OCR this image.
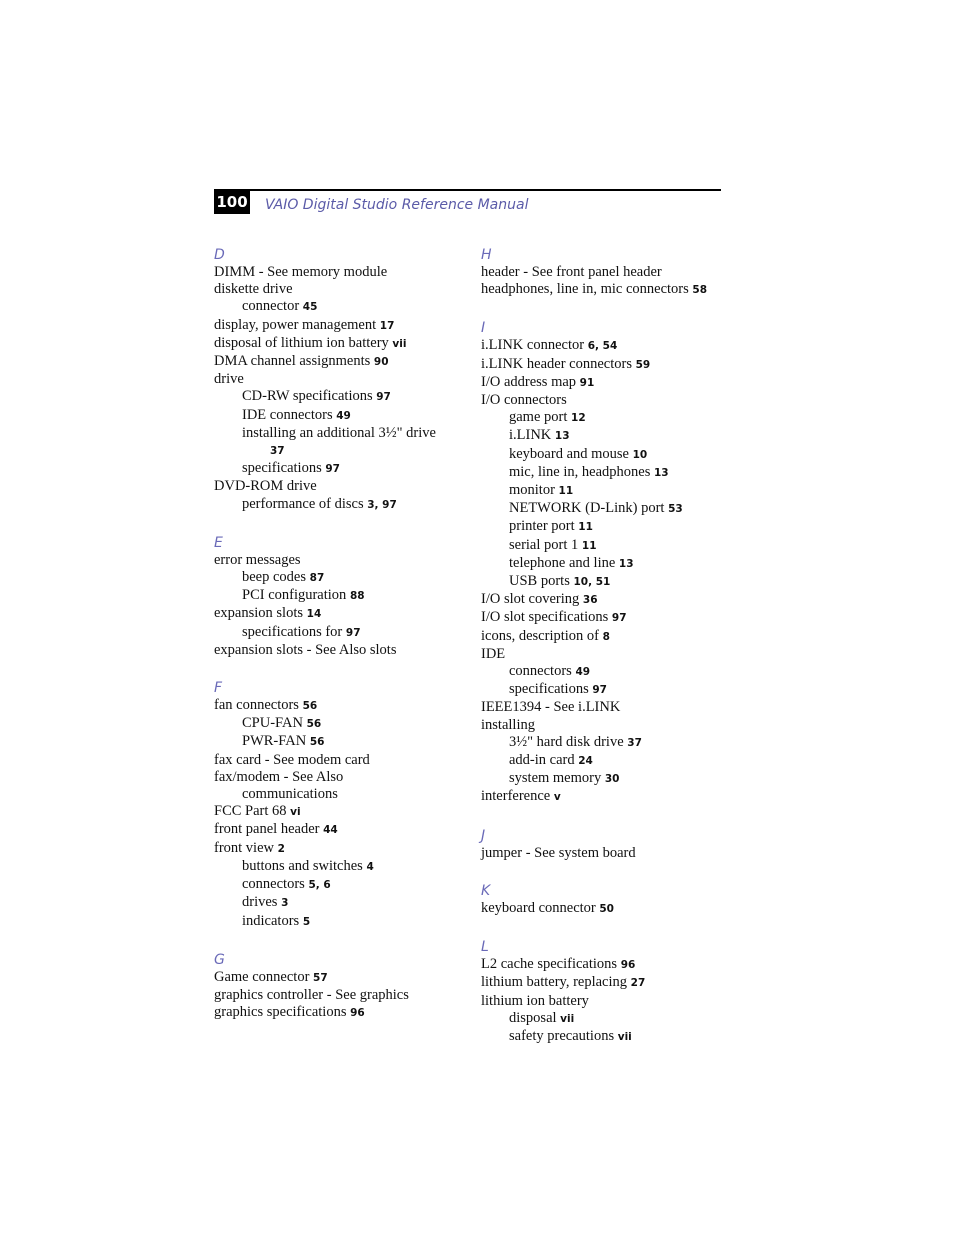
100 VAIO Digital Studio Reference Manual
D
DIMM - See memory module
diskette drive
connector 45
display, power management 17
disposal of lithium ion battery vii
DMA channel assignments 90
drive
CD-RW specifications 97
IDE connectors 49
installing an additional 3½" drive
37
specifications 97
DVD-ROM drive
performance of discs 3, 97
E
error messages
beep codes 87
PCI configuration 88
expansion slots 14
specifications for 97
expansion slots - See Also slots
F
fan connectors 56
CPU-FAN 56
PWR-FAN 56
fax card - See modem card
fax/modem - See Also
communications
FCC Part 68 vi
front panel header 44
front view 2
buttons and switches 4
connectors 5, 6
drives 3
indicators 5
G
Game connector 57
graphics controller - See graphics
graphics specifications 96
H
header - See front panel header
headphones, line in, mic connectors 58
I
i.LINK connector 6, 54
i.LINK header connectors 59
I/O address map 91
I/O connectors
game port 12
i.LINK 13
keyboard and mouse 10
mic, line in, headphones 13
monitor 11
NETWORK (D-Link) port 53
printer port 11
serial port 1 11
telephone and line 13
USB ports 10, 51
I/O slot covering 36
I/O slot specifications 97
icons, description of 8
IDE
connectors 49
specifications 97
IEEE1394 - See i.LINK
installing
3½" hard disk drive 37
add-in card 24
system memory 30
interference v
J
jumper - See system board
K
keyboard connector 50
L
L2 cache specifications 96
lithium battery, replacing 27
lithium ion battery
disposal vii
safety precautions vii
